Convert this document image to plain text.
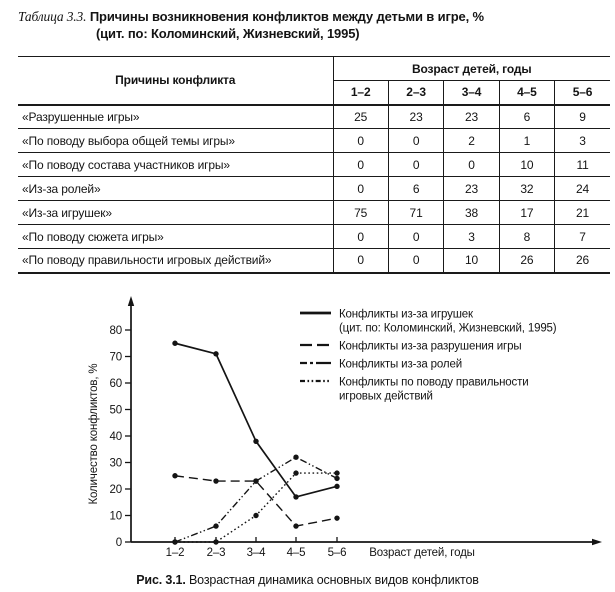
Таблица 3.3. Причины возникновения конфликтов между детьми в игре, %
(цит. по: Коломинский, Жизневский, 1995)
Причины конфликта	Возраст детей, годы				
	1–2	2–3	3–4	4–5	5–6
«Разрушенные игры»	25	23	23	6	9
«По поводу выбора общей темы игры»	0	0	2	1	3
«По поводу состава участников игры»	0	0	0	10	11
«Из-за ролей»	0	6	23	32	24
«Из-за игрушек»	75	71	38	17	21
«По поводу сюжета игры»	0	0	3	8	7
«По поводу правильности игровых действий»	0	0	10	26	26
0
10
20
30
40
50
60
70
80
1–2 2–3 3–4 4–5 5–6 Возраст детей, годы
Количество конфликтов, %
Конфликты из-за игрушек
(цит. по: Коломинский, Жизневский, 1995)
Конфликты из-за разрушения игры
Конфликты из-за ролей
Конфликты по поводу правильности
игровых действий
Рис. 3.1. Возрастная динамика основных видов конфликтов
